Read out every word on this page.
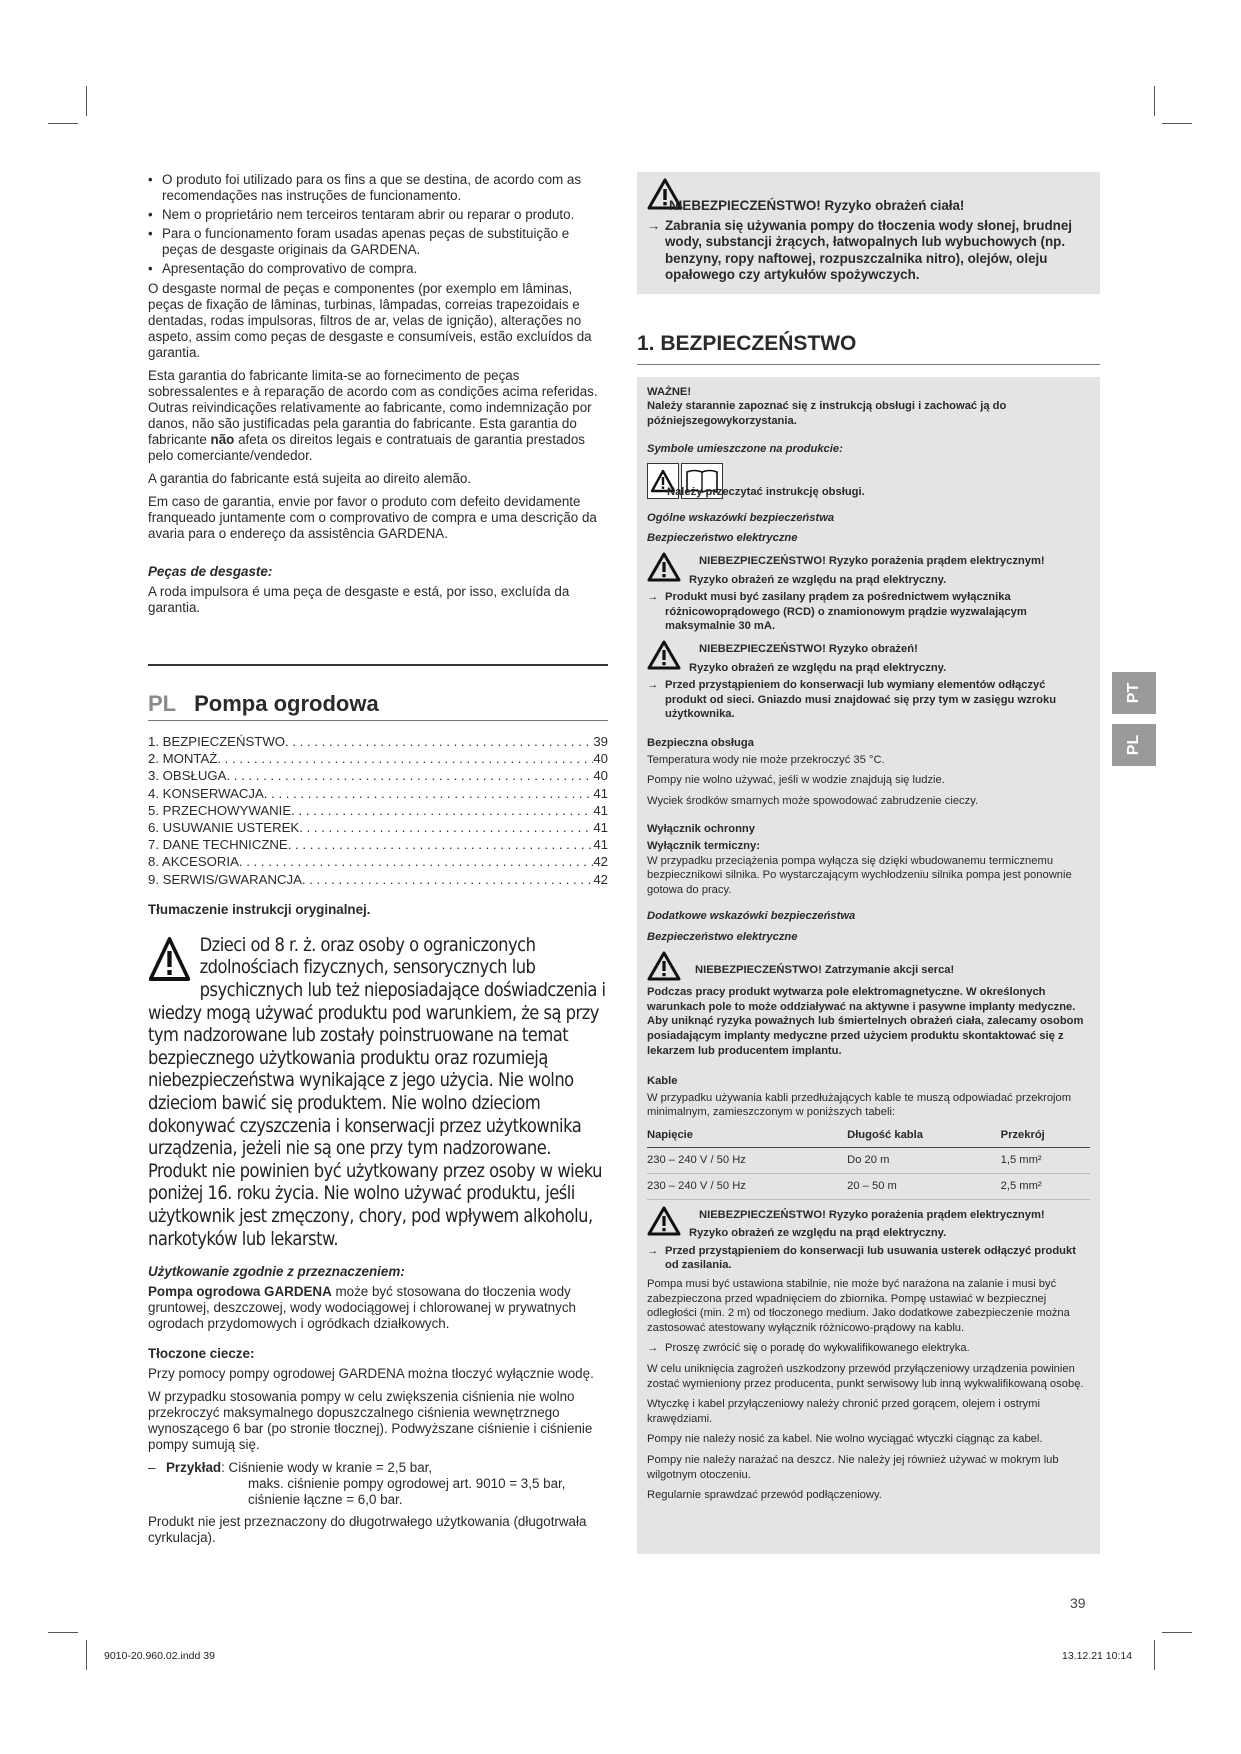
• O produto foi utilizado para os fins a que se destina, de acordo com as recomendações nas instruções de funcionamento.
• Nem o proprietário nem terceiros tentaram abrir ou reparar o produto.
• Para o funcionamento foram usadas apenas peças de substituição e peças de desgaste originais da GARDENA.
• Apresentação do comprovativo de compra.

O desgaste normal de peças e componentes (por exemplo em lâminas, peças de fixação de lâminas, turbinas, lâmpadas, correias trapezoidais e dentadas, rodas impulsoras, filtros de ar, velas de ignição), alterações no aspeto, assim como peças de desgaste e consumíveis, estão excluídos da garantia.

Esta garantia do fabricante limita-se ao fornecimento de peças sobressalentes e à reparação de acordo com as condições acima referidas. Outras reivindicações relativamente ao fabricante, como indemnização por danos, não são justificadas pela garantia do fabricante. Esta garantia do fabricante não afeta os direitos legais e contratuais de garantia prestados pelo comerciante/vendedor.

A garantia do fabricante está sujeita ao direito alemão.

Em caso de garantia, envie por favor o produto com defeito devidamente franqueado juntamente com o comprovativo de compra e uma descrição da avaria para o endereço da assistência GARDENA.

Peças de desgaste:

A roda impulsora é uma peça de desgaste e está, por isso, excluída da garantia.

PL Pompa ogrodowa
1. BEZPIECZEŃSTWO . . .	39
2. MONTAŻ . . .	40
3. OBSŁUGA . . .	40
4. KONSERWACJA . . .	41
5. PRZECHOWYWANIE . . .	41
6. USUWANIE USTEREK . . .	41
7. DANE TECHNICZNE . . .	41
8. AKCESORIA . . .	42
9. SERWIS/GWARANCJA . . .	42
Tłumaczenie instrukcji oryginalnej.
Dzieci od 8 r. ż. oraz osoby o ograniczonych zdolnościach fizycznych, sensorycznych lub psychicznych lub też nieposiadające doświadczenia i wiedzy mogą używać produktu pod warunkiem, że są przy tym nadzorowane lub zostały poinstruowane na temat bezpiecznego użytkowania produktu oraz rozumieją niebezpieczeństwa wynikające z jego użycia. Nie wolno dzieciom bawić się produktem. Nie wolno dzieciom dokonywać czyszczenia i konserwacji przez użytkownika urządzenia, jeżeli nie są one przy tym nadzorowane. Produkt nie powinien być użytkowany przez osoby w wieku poniżej 16. roku życia. Nie wolno używać produktu, jeśli użytkownik jest zmęczony, chory, pod wpływem alkoholu, narkotyków lub lekarstw.
Użytkowanie zgodnie z przeznaczeniem:

Pompa ogrodowa GARDENA może być stosowana do tłoczenia wody gruntowej, deszczowej, wody wodociągowej i chlorowanej w prywatnych ogrodach przydomowych i ogródkach działkowych.

Tłoczone ciecze:

Przy pomocy pompy ogrodowej GARDENA można tłoczyć wyłącznie wodę.

W przypadku stosowania pompy w celu zwiększenia ciśnienia nie wolno przekroczyć maksymalnego dopuszczalnego ciśnienia wewnętrznego wynoszącego 6 bar (po stronie tłocznej). Podwyższane ciśnienie i ciśnienie pompy sumują się.

– Przykład: Ciśnienie wody w kranie = 2,5 bar,
maks. ciśnienie pompy ogrodowej art. 9010 = 3,5 bar,
ciśnienie łączne = 6,0 bar.

Produkt nie jest przeznaczony do długotrwałego użytkowania (długotrwała cyrkulacja).

NIEBEZPIECZEŃSTWO! Ryzyko obrażeń ciała!
→ Zabrania się używania pompy do tłoczenia wody słonej, brudnej wody, substancji żrących, łatwopalnych lub wybuchowych (np. benzyny, ropy naftowej, rozpuszczalnika nitro), olejów, oleju opałowego czy artykułów spożywczych.
1. BEZPIECZEŃSTWO
WAŻNE!
Należy starannie zapoznać się z instrukcją obsługi i zachować ją do późniejszegowykorzystania.
Symbole umieszczone na produkcie:
Należy przeczytać instrukcję obsługi.
Ogólne wskazówki bezpieczeństwa
Bezpieczeństwo elektryczne
NIEBEZPIECZEŃSTWO! Ryzyko porażenia prądem elektrycznym!
Ryzyko obrażeń ze względu na prąd elektryczny.
→ Produkt musi być zasilany prądem za pośrednictwem wyłącznika różnicowoprądowego (RCD) o znamionowym prądzie wyzwalającym maksymalnie 30 mA.
NIEBEZPIECZEŃSTWO! Ryzyko obrażeń!
Ryzyko obrażeń ze względu na prąd elektryczny.
→ Przed przystąpieniem do konserwacji lub wymiany elementów odłączyć produkt od sieci. Gniazdo musi znajdować się przy tym w zasięgu wzroku użytkownika.
Bezpieczna obsługa

Temperatura wody nie może przekroczyć 35 °C.

Pompy nie wolno używać, jeśli w wodzie znajdują się ludzie.

Wyciek środków smarnych może spowodować zabrudzenie cieczy.

Wyłącznik ochronny
Wyłącznik termiczny:

W przypadku przeciążenia pompa wyłącza się dzięki wbudowanemu termicznemu bezpiecznikowi silnika. Po wystarczającym wychłodzeniu silnika pompa jest ponownie gotowa do pracy.

Dodatkowe wskazówki bezpieczeństwa
Bezpieczeństwo elektryczne
NIEBEZPIECZEŃSTWO! Zatrzymanie akcji serca!
Podczas pracy produkt wytwarza pole elektromagnetyczne. W określonych warunkach pole to może oddziaływać na aktywne i pasywne implanty medyczne. Aby uniknąć ryzyka poważnych lub śmiertelnych obrażeń ciała, zalecamy osobom posiadającym implanty medyczne przed użyciem produktu skontaktować się z lekarzem lub producentem implantu.
Kable

W przypadku używania kabli przedłużających kable te muszą odpowiadać przekrojom minimalnym, zamieszczonym w poniższych tabeli:

Napięcie	Długość kabla	Przekrój
230 – 240 V / 50 Hz	Do 20 m	1,5 mm²
230 – 240 V / 50 Hz	20 – 50 m	2,5 mm²
NIEBEZPIECZEŃSTWO! Ryzyko porażenia prądem elektrycznym!
Ryzyko obrażeń ze względu na prąd elektryczny.
→ Przed przystąpieniem do konserwacji lub usuwania usterek odłączyć produkt od zasilania.

Pompa musi być ustawiona stabilnie, nie może być narażona na zalanie i musi być zabezpieczona przed wpadnięciem do zbiornika. Pompę ustawiać w bezpiecznej odległości (min. 2 m) od tłoczonego medium. Jako dodatkowe zabezpieczenie można zastosować atestowany wyłącznik różnicowo-prądowy na kablu.

→ Proszę zwrócić się o poradę do wykwalifikowanego elektryka.

W celu uniknięcia zagrożeń uszkodzony przewód przyłączeniowy urządzenia powinien zostać wymieniony przez producenta, punkt serwisowy lub inną wykwalifikowaną osobę.

Wtyczkę i kabel przyłączeniowy należy chronić przed gorącem, olejem i ostrymi krawędziami.

Pompy nie należy nosić za kabel. Nie wolno wyciągać wtyczki ciągnąc za kabel.

Pompy nie należy narażać na deszcz. Nie należy jej również używać w mokrym lub wilgotnym otoczeniu.

Regularnie sprawdzać przewód podłączeniowy.

PT
PL
39
9010-20.960.02.indd 39	13.12.21 10:14
